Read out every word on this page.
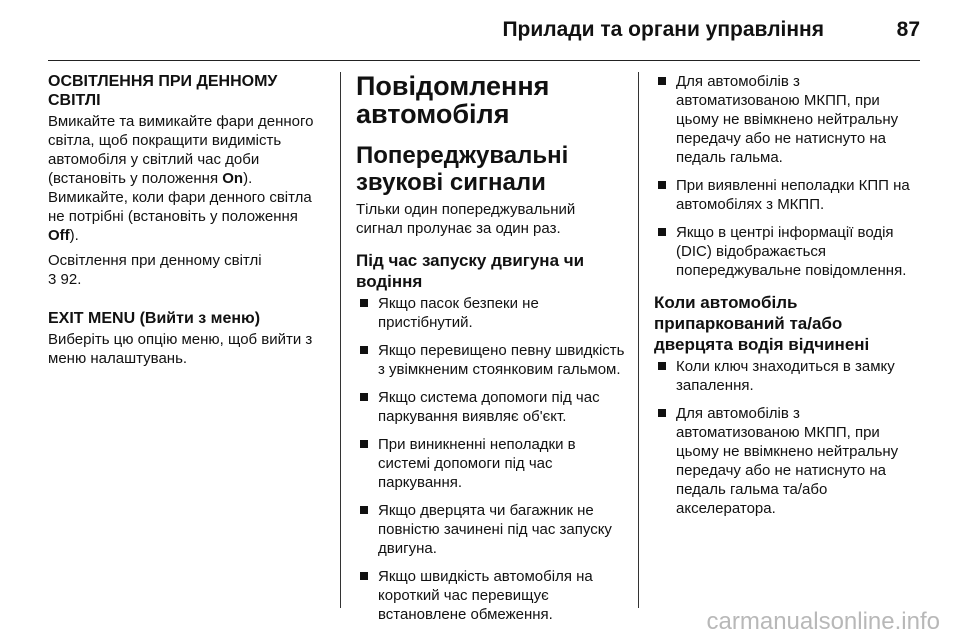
Прилади та органи управління	87
ОСВІТЛЕННЯ ПРИ ДЕННОМУ СВІТЛІ

Вмикайте та вимикайте фари денного світла, щоб покращити видимість автомобіля у світлий час доби (встановіть у положення On). Вимикайте, коли фари денного світла не потрібні (встановіть у положення Off).

Освітлення при денному світлі
3 92.

EXIT MENU (Вийти з меню)

Виберіть цю опцію меню, щоб вийти з меню налаштувань.

Повідомлення автомобіля
Попереджувальні звукові сигнали

Тільки один попереджувальний сигнал пролунає за один раз.

Під час запуску двигуна чи водіння
Якщо пасок безпеки не пристібнутий.
Якщо перевищено певну швидкість з увімкненим стоянковим гальмом.
Якщо система допомоги під час паркування виявляє об'єкт.
При виникненні неполадки в системі допомоги під час паркування.
Якщо дверцята чи багажник не повністю зачинені під час запуску двигуна.
Якщо швидкість автомобіля на короткий час перевищує встановлене обмеження.
Для автомобілів з автоматизованою МКПП, при цьому не ввімкнено нейтральну передачу або не натиснуто на педаль гальма.
При виявленні неполадки КПП на автомобілях з МКПП.
Якщо в центрі інформації водія (DIC) відображається попереджувальне повідомлення.
Коли автомобіль припаркований та/або дверцята водія відчинені
Коли ключ знаходиться в замку запалення.
Для автомобілів з автоматизованою МКПП, при цьому не ввімкнено нейтральну передачу або не натиснуто на педаль гальма та/або акселератора.
carmanualsonline.info
